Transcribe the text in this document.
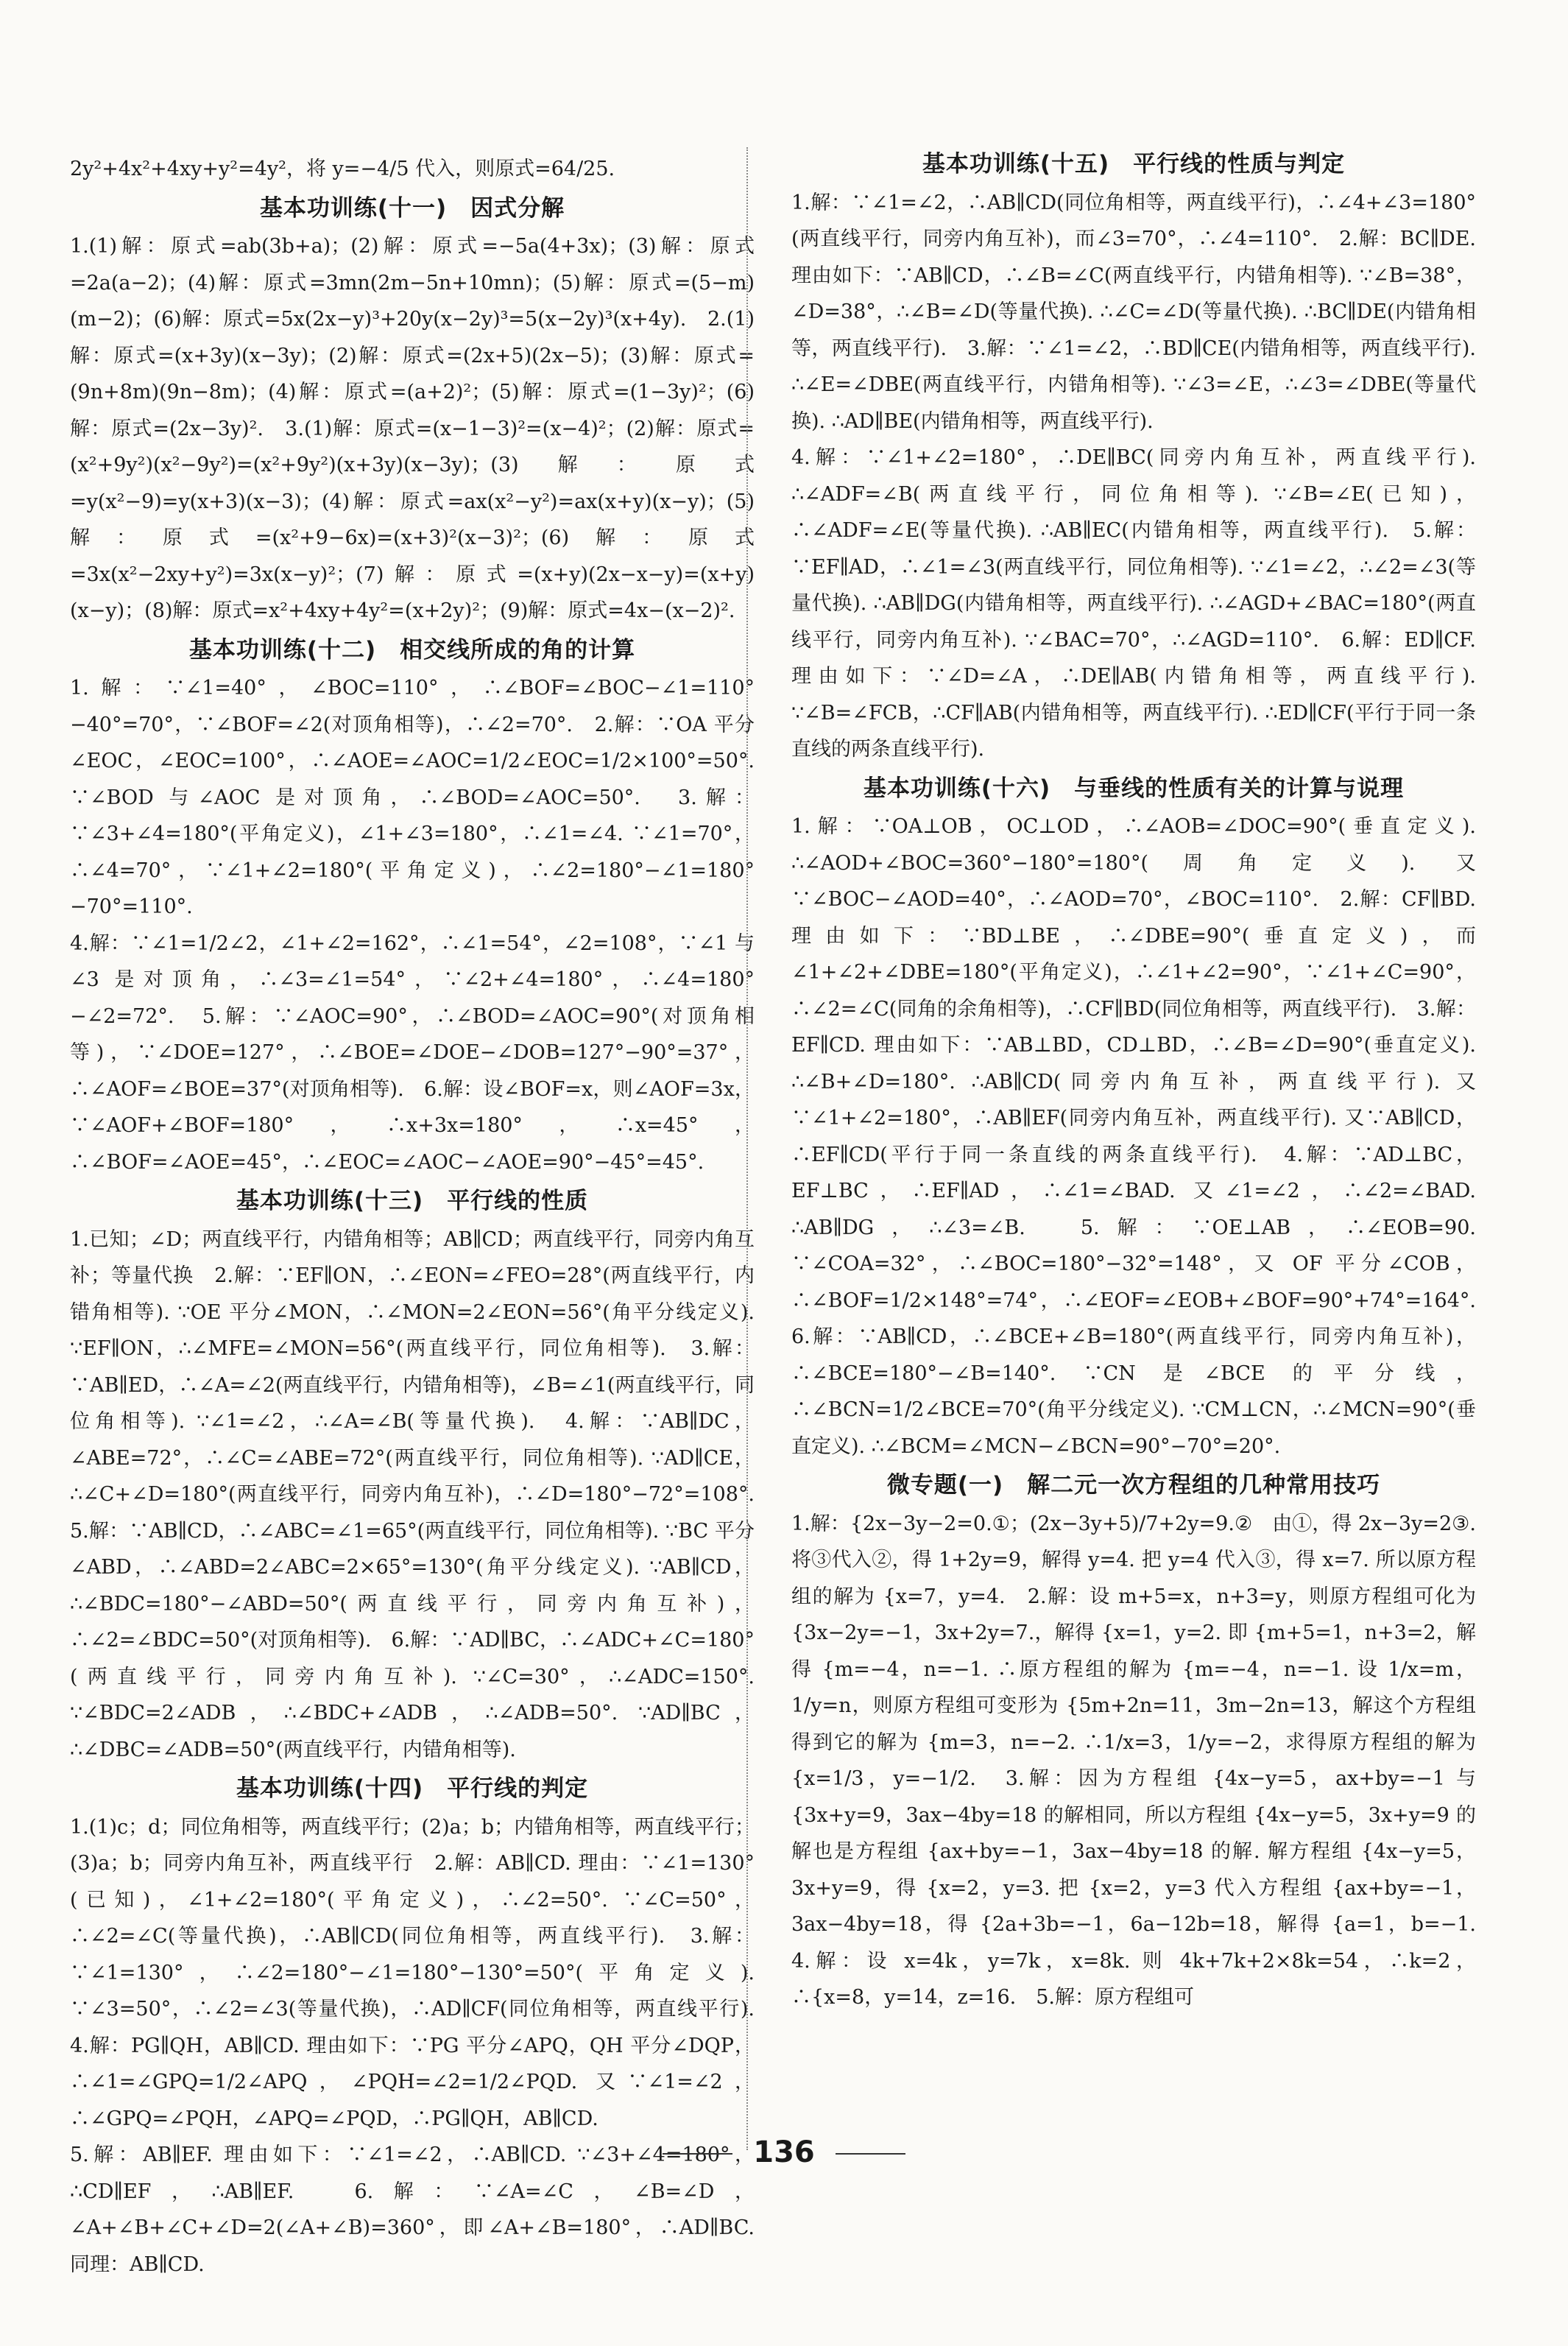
2y²+4x²+4xy+y²=4y²，将 y=−4/5 代入，则原式=64/25.

基本功训练(十一)　因式分解

1.(1)解：原式=ab(3b+a)；(2)解：原式=−5a(4+3x)；(3)解：原式=2a(a−2)；(4)解：原式=3mn(2m−5n+10mn)；(5)解：原式=(5−m)(m−2)；(6)解：原式=5x(2x−y)³+20y(x−2y)³=5(x−2y)³(x+4y).　2.(1)解：原式=(x+3y)(x−3y)；(2)解：原式=(2x+5)(2x−5)；(3)解：原式=(9n+8m)(9n−8m)；(4)解：原式=(a+2)²；(5)解：原式=(1−3y)²；(6)解：原式=(2x−3y)².　3.(1)解：原式=(x−1−3)²=(x−4)²；(2)解：原式=(x²+9y²)(x²−9y²)=(x²+9y²)(x+3y)(x−3y)；(3)解：原式=y(x²−9)=y(x+3)(x−3)；(4)解：原式=ax(x²−y²)=ax(x+y)(x−y)；(5)解：原式=(x²+9−6x)=(x+3)²(x−3)²；(6)解：原式=3x(x²−2xy+y²)=3x(x−y)²；(7)解：原式=(x+y)(2x−x−y)=(x+y)(x−y)；(8)解：原式=x²+4xy+4y²=(x+2y)²；(9)解：原式=4x−(x−2)².

基本功训练(十二)　相交线所成的角的计算

1.解：∵∠1=40°，∠BOC=110°，∴∠BOF=∠BOC−∠1=110°−40°=70°，∵∠BOF=∠2(对顶角相等)，∴∠2=70°.　2.解：∵OA 平分∠EOC，∠EOC=100°，∴∠AOE=∠AOC=1/2∠EOC=1/2×100°=50°. ∵∠BOD 与∠AOC 是对顶角，∴∠BOD=∠AOC=50°.　3.解：∵∠3+∠4=180°(平角定义)，∠1+∠3=180°，∴∠1=∠4. ∵∠1=70°，∴∠4=70°，∵∠1+∠2=180°(平角定义)，∴∠2=180°−∠1=180°−70°=110°.

4.解：∵∠1=1/2∠2，∠1+∠2=162°，∴∠1=54°，∠2=108°，∵∠1 与∠3 是对顶角，∴∠3=∠1=54°，∵∠2+∠4=180°，∴∠4=180°−∠2=72°.　5.解：∵∠AOC=90°，∴∠BOD=∠AOC=90°(对顶角相等)，∵∠DOE=127°，∴∠BOE=∠DOE−∠DOB=127°−90°=37°，∴∠AOF=∠BOE=37°(对顶角相等).　6.解：设∠BOF=x，则∠AOF=3x，∵∠AOF+∠BOF=180°，∴x+3x=180°，∴x=45°，∴∠BOF=∠AOE=45°，∴∠EOC=∠AOC−∠AOE=90°−45°=45°.

基本功训练(十三)　平行线的性质

1.已知；∠D；两直线平行，内错角相等；AB∥CD；两直线平行，同旁内角互补；等量代换　2.解：∵EF∥ON，∴∠EON=∠FEO=28°(两直线平行，内错角相等). ∵OE 平分∠MON，∴∠MON=2∠EON=56°(角平分线定义). ∵EF∥ON，∴∠MFE=∠MON=56°(两直线平行，同位角相等).　3.解：∵AB∥ED，∴∠A=∠2(两直线平行，内错角相等)，∠B=∠1(两直线平行，同位角相等). ∵∠1=∠2，∴∠A=∠B(等量代换).　4.解：∵AB∥DC，∠ABE=72°，∴∠C=∠ABE=72°(两直线平行，同位角相等). ∵AD∥CE，∴∠C+∠D=180°(两直线平行，同旁内角互补)，∴∠D=180°−72°=108°.　5.解：∵AB∥CD，∴∠ABC=∠1=65°(两直线平行，同位角相等). ∵BC 平分∠ABD，∴∠ABD=2∠ABC=2×65°=130°(角平分线定义). ∵AB∥CD，∴∠BDC=180°−∠ABD=50°(两直线平行，同旁内角互补)，∴∠2=∠BDC=50°(对顶角相等).　6.解：∵AD∥BC，∴∠ADC+∠C=180°(两直线平行，同旁内角互补). ∵∠C=30°，∴∠ADC=150°. ∵∠BDC=2∠ADB，∴∠BDC+∠ADB，∴∠ADB=50°. ∵AD∥BC，∴∠DBC=∠ADB=50°(两直线平行，内错角相等).

基本功训练(十四)　平行线的判定

1.(1)c；d；同位角相等，两直线平行；(2)a；b；内错角相等，两直线平行；(3)a；b；同旁内角互补，两直线平行　2.解：AB∥CD. 理由：∵∠1=130°(已知)，∠1+∠2=180°(平角定义)，∴∠2=50°. ∵∠C=50°，∴∠2=∠C(等量代换)，∴AB∥CD(同位角相等，两直线平行).　3.解：∵∠1=130°，∴∠2=180°−∠1=180°−130°=50°(平角定义). ∵∠3=50°，∴∠2=∠3(等量代换)，∴AD∥CF(同位角相等，两直线平行).　4.解：PG∥QH，AB∥CD. 理由如下：∵PG 平分∠APQ，QH 平分∠DQP，∴∠1=∠GPQ=1/2∠APQ，∠PQH=∠2=1/2∠PQD. 又∵∠1=∠2，∴∠GPQ=∠PQH，∠APQ=∠PQD，∴PG∥QH，AB∥CD.

5.解：AB∥EF. 理由如下：∵∠1=∠2，∴AB∥CD. ∵∠3+∠4=180°，∴CD∥EF，∴AB∥EF.　6.解：∵∠A=∠C，∠B=∠D，∠A+∠B+∠C+∠D=2(∠A+∠B)=360°，即∠A+∠B=180°，∴AD∥BC. 同理：AB∥CD.

基本功训练(十五)　平行线的性质与判定

1.解：∵∠1=∠2，∴AB∥CD(同位角相等，两直线平行)，∴∠4+∠3=180°(两直线平行，同旁内角互补)，而∠3=70°，∴∠4=110°.　2.解：BC∥DE. 理由如下：∵AB∥CD，∴∠B=∠C(两直线平行，内错角相等). ∵∠B=38°，∠D=38°，∴∠B=∠D(等量代换). ∴∠C=∠D(等量代换). ∴BC∥DE(内错角相等，两直线平行).　3.解：∵∠1=∠2，∴BD∥CE(内错角相等，两直线平行). ∴∠E=∠DBE(两直线平行，内错角相等). ∵∠3=∠E，∴∠3=∠DBE(等量代换). ∴AD∥BE(内错角相等，两直线平行).

4.解：∵∠1+∠2=180°，∴DE∥BC(同旁内角互补，两直线平行). ∴∠ADF=∠B(两直线平行，同位角相等). ∵∠B=∠E(已知)，∴∠ADF=∠E(等量代换). ∴AB∥EC(内错角相等，两直线平行).　5.解：∵EF∥AD，∴∠1=∠3(两直线平行，同位角相等). ∵∠1=∠2，∴∠2=∠3(等量代换). ∴AB∥DG(内错角相等，两直线平行). ∴∠AGD+∠BAC=180°(两直线平行，同旁内角互补). ∵∠BAC=70°，∴∠AGD=110°.　6.解：ED∥CF. 理由如下：∵∠D=∠A，∴DE∥AB(内错角相等，两直线平行). ∵∠B=∠FCB，∴CF∥AB(内错角相等，两直线平行). ∴ED∥CF(平行于同一条直线的两条直线平行).

基本功训练(十六)　与垂线的性质有关的计算与说理

1.解：∵OA⊥OB，OC⊥OD，∴∠AOB=∠DOC=90°(垂直定义). ∴∠AOD+∠BOC=360°−180°=180°(周角定义). 又∵∠BOC−∠AOD=40°，∴∠AOD=70°，∠BOC=110°.　2.解：CF∥BD. 理由如下：∵BD⊥BE，∴∠DBE=90°(垂直定义)，而∠1+∠2+∠DBE=180°(平角定义)，∴∠1+∠2=90°，∵∠1+∠C=90°，∴∠2=∠C(同角的余角相等)，∴CF∥BD(同位角相等，两直线平行).　3.解：EF∥CD. 理由如下：∵AB⊥BD，CD⊥BD，∴∠B=∠D=90°(垂直定义). ∴∠B+∠D=180°. ∴AB∥CD(同旁内角互补，两直线平行). 又∵∠1+∠2=180°，∴AB∥EF(同旁内角互补，两直线平行). 又∵AB∥CD，∴EF∥CD(平行于同一条直线的两条直线平行).　4.解：∵AD⊥BC，EF⊥BC，∴EF∥AD，∴∠1=∠BAD. 又∠1=∠2，∴∠2=∠BAD. ∴AB∥DG，∴∠3=∠B.　5.解：∵OE⊥AB，∴∠EOB=90. ∵∠COA=32°，∴∠BOC=180°−32°=148°，又 OF 平分∠COB，∴∠BOF=1/2×148°=74°，∴∠EOF=∠EOB+∠BOF=90°+74°=164°.　6.解：∵AB∥CD，∴∠BCE+∠B=180°(两直线平行，同旁内角互补)，∴∠BCE=180°−∠B=140°. ∵CN 是∠BCE 的平分线，∴∠BCN=1/2∠BCE=70°(角平分线定义). ∵CM⊥CN，∴∠MCN=90°(垂直定义). ∴∠BCM=∠MCN−∠BCN=90°−70°=20°.

微专题(一)　解二元一次方程组的几种常用技巧

1.解：{2x−3y−2=0.①；(2x−3y+5)/7+2y=9.②　由①，得 2x−3y=2③. 将③代入②，得 1+2y=9，解得 y=4. 把 y=4 代入③，得 x=7. 所以原方程组的解为 {x=7，y=4.　2.解：设 m+5=x，n+3=y，则原方程组可化为 {3x−2y=−1，3x+2y=7.，解得 {x=1，y=2. 即 {m+5=1，n+3=2，解得 {m=−4，n=−1. ∴原方程组的解为 {m=−4，n=−1. 设 1/x=m，1/y=n，则原方程组可变形为 {5m+2n=11，3m−2n=13，解这个方程组得到它的解为 {m=3，n=−2. ∴1/x=3，1/y=−2，求得原方程组的解为 {x=1/3，y=−1/2.　3.解：因为方程组 {4x−y=5，ax+by=−1 与 {3x+y=9，3ax−4by=18 的解相同，所以方程组 {4x−y=5，3x+y=9 的解也是方程组 {ax+by=−1，3ax−4by=18 的解. 解方程组 {4x−y=5，3x+y=9，得 {x=2，y=3. 把 {x=2，y=3 代入方程组 {ax+by=−1，3ax−4by=18，得 {2a+3b=−1，6a−12b=18，解得 {a=1，b=−1.　4.解：设 x=4k，y=7k，x=8k. 则 4k+7k+2×8k=54，∴k=2，∴{x=8，y=14，z=16.　5.解：原方程组可

136
